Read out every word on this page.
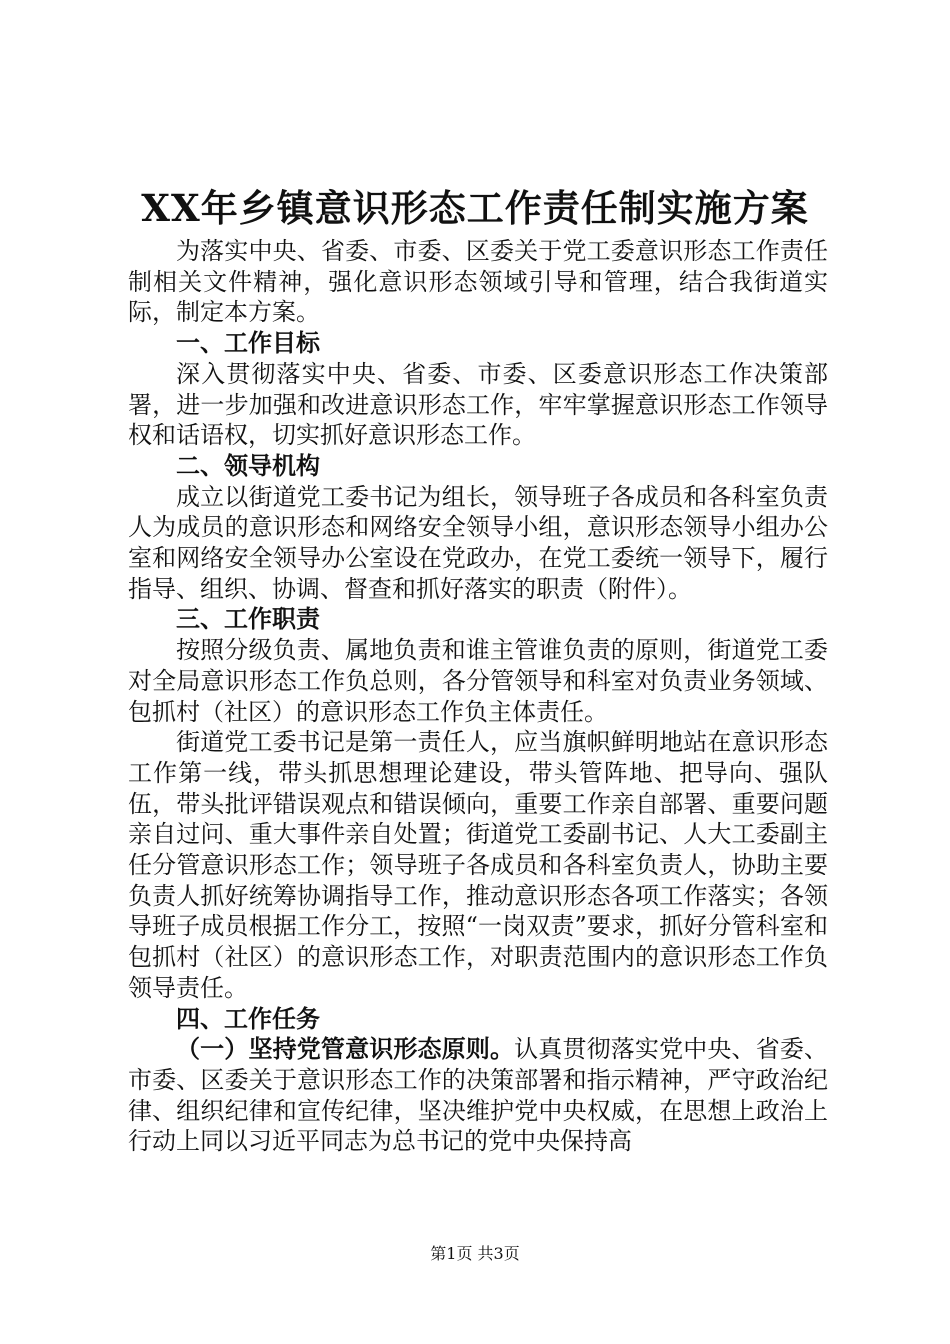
XX年乡镇意识形态工作责任制实施方案

为落实中央、省委、市委、区委关于党工委意识形态工作责任制相关文件精神，强化意识形态领域引导和管理，结合我街道实际，制定本方案。

一、工作目标

深入贯彻落实中央、省委、市委、区委意识形态工作决策部署，进一步加强和改进意识形态工作，牢牢掌握意识形态工作领导权和话语权，切实抓好意识形态工作。

二、领导机构

成立以街道党工委书记为组长，领导班子各成员和各科室负责人为成员的意识形态和网络安全领导小组，意识形态领导小组办公室和网络安全领导办公室设在党政办，在党工委统一领导下，履行指导、组织、协调、督查和抓好落实的职责（附件）。

三、工作职责

按照分级负责、属地负责和谁主管谁负责的原则，街道党工委对全局意识形态工作负总则，各分管领导和科室对负责业务领域、包抓村（社区）的意识形态工作负主体责任。

街道党工委书记是第一责任人，应当旗帜鲜明地站在意识形态工作第一线，带头抓思想理论建设，带头管阵地、把导向、强队伍，带头批评错误观点和错误倾向，重要工作亲自部署、重要问题亲自过问、重大事件亲自处置；街道党工委副书记、人大工委副主任分管意识形态工作；领导班子各成员和各科室负责人，协助主要负责人抓好统筹协调指导工作，推动意识形态各项工作落实；各领导班子成员根据工作分工，按照“一岗双责”要求，抓好分管科室和包抓村（社区）的意识形态工作，对职责范围内的意识形态工作负领导责任。

四、工作任务

（一）坚持党管意识形态原则。认真贯彻落实党中央、省委、市委、区委关于意识形态工作的决策部署和指示精神，严守政治纪律、组织纪律和宣传纪律，坚决维护党中央权威，在思想上政治上行动上同以习近平同志为总书记的党中央保持高

第1页 共3页
